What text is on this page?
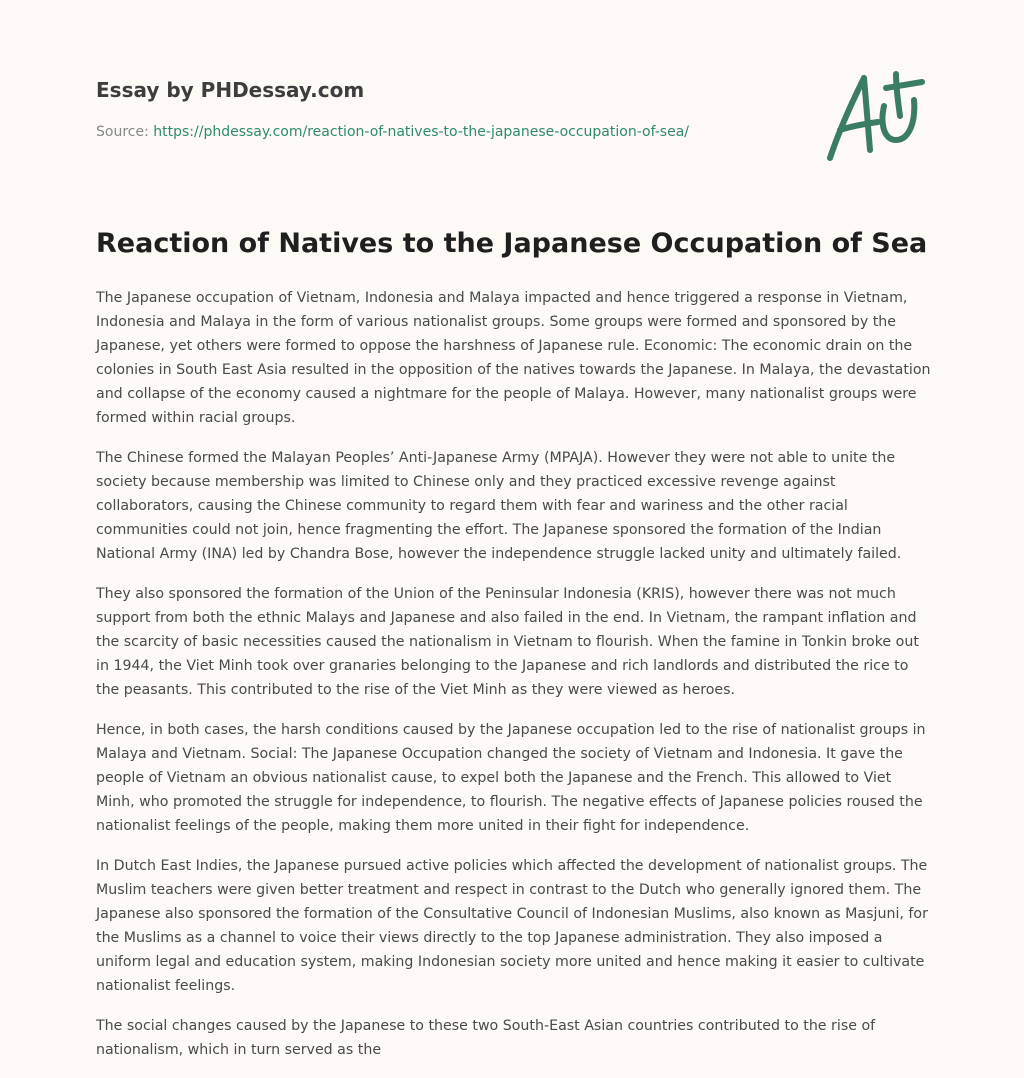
Essay by PHDessay.com
Source: https://phdessay.com/reaction-of-natives-to-the-japanese-occupation-of-sea/
Reaction of Natives to the Japanese Occupation of Sea

The Japanese occupation of Vietnam, Indonesia and Malaya impacted and hence triggered a response in Vietnam, Indonesia and Malaya in the form of various nationalist groups. Some groups were formed and sponsored by the Japanese, yet others were formed to oppose the harshness of Japanese rule. Economic: The economic drain on the colonies in South East Asia resulted in the opposition of the natives towards the Japanese. In Malaya, the devastation and collapse of the economy caused a nightmare for the people of Malaya. However, many nationalist groups were formed within racial groups.

The Chinese formed the Malayan Peoples’ Anti-Japanese Army (MPAJA). However they were not able to unite the society because membership was limited to Chinese only and they practiced excessive revenge against collaborators, causing the Chinese community to regard them with fear and wariness and the other racial communities could not join, hence fragmenting the effort. The Japanese sponsored the formation of the Indian National Army (INA) led by Chandra Bose, however the independence struggle lacked unity and ultimately failed.

They also sponsored the formation of the Union of the Peninsular Indonesia (KRIS), however there was not much support from both the ethnic Malays and Japanese and also failed in the end. In Vietnam, the rampant inflation and the scarcity of basic necessities caused the nationalism in Vietnam to flourish. When the famine in Tonkin broke out in 1944, the Viet Minh took over granaries belonging to the Japanese and rich landlords and distributed the rice to the peasants. This contributed to the rise of the Viet Minh as they were viewed as heroes.

Hence, in both cases, the harsh conditions caused by the Japanese occupation led to the rise of nationalist groups in Malaya and Vietnam. Social: The Japanese Occupation changed the society of Vietnam and Indonesia. It gave the people of Vietnam an obvious nationalist cause, to expel both the Japanese and the French. This allowed to Viet Minh, who promoted the struggle for independence, to flourish. The negative effects of Japanese policies roused the nationalist feelings of the people, making them more united in their fight for independence.

In Dutch East Indies, the Japanese pursued active policies which affected the development of nationalist groups. The Muslim teachers were given better treatment and respect in contrast to the Dutch who generally ignored them. The Japanese also sponsored the formation of the Consultative Council of Indonesian Muslims, also known as Masjuni, for the Muslims as a channel to voice their views directly to the top Japanese administration. They also imposed a uniform legal and education system, making Indonesian society more united and hence making it easier to cultivate nationalist feelings.

The social changes caused by the Japanese to these two South-East Asian countries contributed to the rise of nationalism, which in turn served as the
